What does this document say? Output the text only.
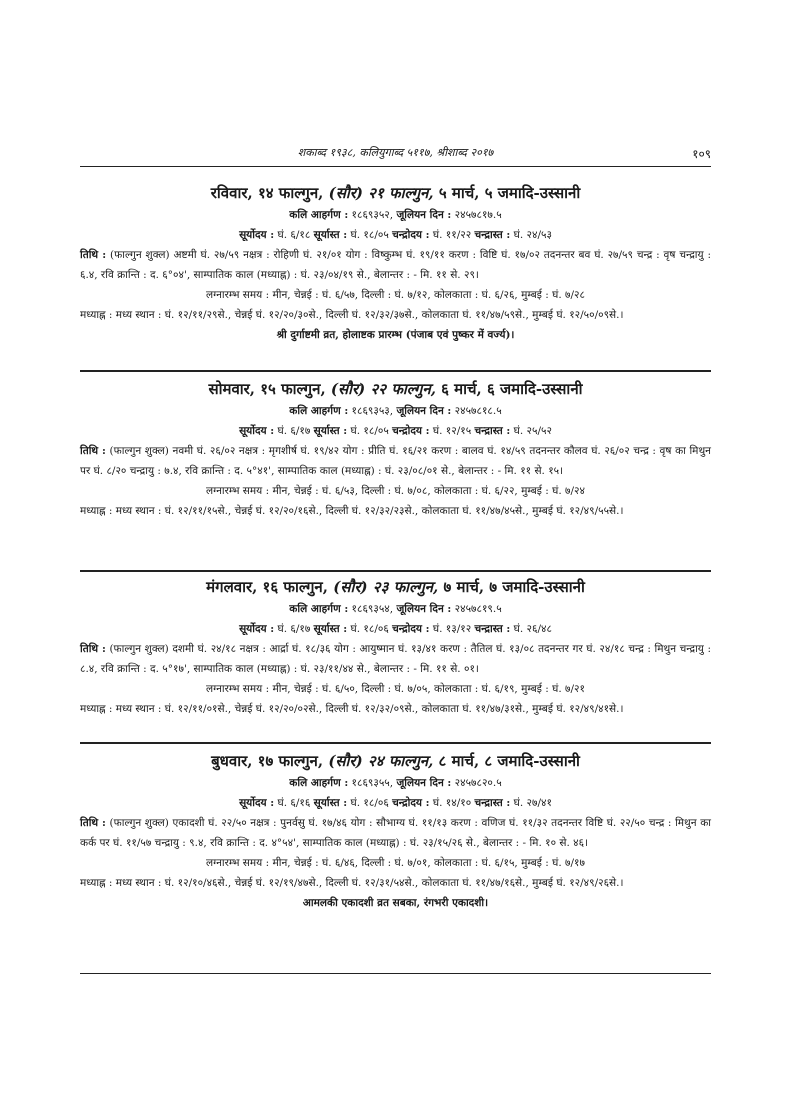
शकाब्द १९३८, कलियुगाब्द ५११७, श्रीशाब्द २०१७	१०९
रविवार, १४ फाल्गुन, (सौर) २१ फाल्गुन, ५ मार्च, ५ जमादि-उस्सानी
कलि आहर्गण : १८६९३५२, जूलियन दिन : २४५७८१७.५
सूर्योदय : घं. ६/१८ सूर्यास्त : घं. १८/०५ चन्द्रोदय : घं. ११/२२ चन्द्रास्त : घं. २४/५३
तिथि : (फाल्गुन शुक्ल) अष्टमी घं. २७/५९ नक्षत्र : रोहिणी घं. २१/०१ योग : विष्कुम्भ घं. १९/११ करण : विष्टि घं. १७/०२ तदनन्तर बव घं. २७/५९ चन्द्र : वृष चन्द्रायु : ६.४, रवि क्रान्ति : द. ६°०४', साम्पातिक काल (मध्याह्न) : घं. २३/०४/१९ से., बेलान्तर : - मि. ११ से. २९।
लग्नारम्भ समय : मीन, चेन्नई : घं. ६/५७, दिल्ली : घं. ७/१२, कोलकाता : घं. ६/२६, मुम्बई : घं. ७/२८
मध्याह्न : मध्य स्थान : घं. १२/११/२९से., चेन्नई घं. १२/२०/३०से., दिल्ली घं. १२/३२/३७से., कोलकाता घं. ११/४७/५९से., मुम्बई घं. १२/५०/०९से.।
श्री दुर्गाष्टमी व्रत, होलाष्टक प्रारम्भ (पंजाब एवं पुष्कर में वर्ज्य)।
सोमवार, १५ फाल्गुन, (सौर) २२ फाल्गुन, ६ मार्च, ६ जमादि-उस्सानी
कलि आहर्गण : १८६९३५३, जूलियन दिन : २४५७८१८.५
सूर्योदय : घं. ६/१७ सूर्यास्त : घं. १८/०५ चन्द्रोदय : घं. १२/१५ चन्द्रास्त : घं. २५/५२
तिथि : (फाल्गुन शुक्ल) नवमी घं. २६/०२ नक्षत्र : मृगशीर्ष घं. १९/४२ योग : प्रीति घं. १६/२१ करण : बालव घं. १४/५९ तदनन्तर कौलव घं. २६/०२ चन्द्र : वृष का मिथुन पर घं. ८/२० चन्द्रायु : ७.४, रवि क्रान्ति : द. ५°४१', साम्पातिक काल (मध्याह्न) : घं. २३/०८/०१ से., बेलान्तर : - मि. ११ से. १५।
लग्नारम्भ समय : मीन, चेन्नई : घं. ६/५३, दिल्ली : घं. ७/०८, कोलकाता : घं. ६/२२, मुम्बई : घं. ७/२४
मध्याह्न : मध्य स्थान : घं. १२/११/१५से., चेन्नई घं. १२/२०/१६से., दिल्ली घं. १२/३२/२३से., कोलकाता घं. ११/४७/४५से., मुम्बई घं. १२/४९/५५से.।
मंगलवार, १६ फाल्गुन, (सौर) २३ फाल्गुन, ७ मार्च, ७ जमादि-उस्सानी
कलि आहर्गण : १८६९३५४, जूलियन दिन : २४५७८१९.५
सूर्योदय : घं. ६/१७ सूर्यास्त : घं. १८/०६ चन्द्रोदय : घं. १३/१२ चन्द्रास्त : घं. २६/४८
तिथि : (फाल्गुन शुक्ल) दशमी घं. २४/१८ नक्षत्र : आर्द्रा घं. १८/३६ योग : आयुष्मान घं. १३/४१ करण : तैतिल घं. १३/०८ तदनन्तर गर घं. २४/१८ चन्द्र : मिथुन चन्द्रायु : ८.४, रवि क्रान्ति : द. ५°१७', साम्पातिक काल (मध्याह्न) : घं. २३/११/४४ से., बेलान्तर : - मि. ११ से. ०१।
लग्नारम्भ समय : मीन, चेन्नई : घं. ६/५०, दिल्ली : घं. ७/०५, कोलकाता : घं. ६/१९, मुम्बई : घं. ७/२१
मध्याह्न : मध्य स्थान : घं. १२/११/०१से., चेन्नई घं. १२/२०/०२से., दिल्ली घं. १२/३२/०९से., कोलकाता घं. ११/४७/३१से., मुम्बई घं. १२/४९/४१से.।
बुधवार, १७ फाल्गुन, (सौर) २४ फाल्गुन, ८ मार्च, ८ जमादि-उस्सानी
कलि आहर्गण : १८६९३५५, जूलियन दिन : २४५७८२०.५
सूर्योदय : घं. ६/१६ सूर्यास्त : घं. १८/०६ चन्द्रोदय : घं. १४/१० चन्द्रास्त : घं. २७/४१
तिथि : (फाल्गुन शुक्ल) एकादशी घं. २२/५० नक्षत्र : पुनर्वसु घं. १७/४६ योग : सौभाग्य घं. ११/१३ करण : वणिज घं. ११/३२ तदनन्तर विष्टि घं. २२/५० चन्द्र : मिथुन का कर्क पर घं. ११/५७ चन्द्रायु : ९.४, रवि क्रान्ति : द. ४°५४', साम्पातिक काल (मध्याह्न) : घं. २३/१५/२६ से., बेलान्तर : - मि. १० से. ४६।
लग्नारम्भ समय : मीन, चेन्नई : घं. ६/४६, दिल्ली : घं. ७/०१, कोलकाता : घं. ६/१५, मुम्बई : घं. ७/१७
मध्याह्न : मध्य स्थान : घं. १२/१०/४६से., चेन्नई घं. १२/१९/४७से., दिल्ली घं. १२/३१/५४से., कोलकाता घं. ११/४७/१६से., मुम्बई घं. १२/४९/२६से.।
आमलकी एकादशी व्रत सबका, रंगभरी एकादशी।
